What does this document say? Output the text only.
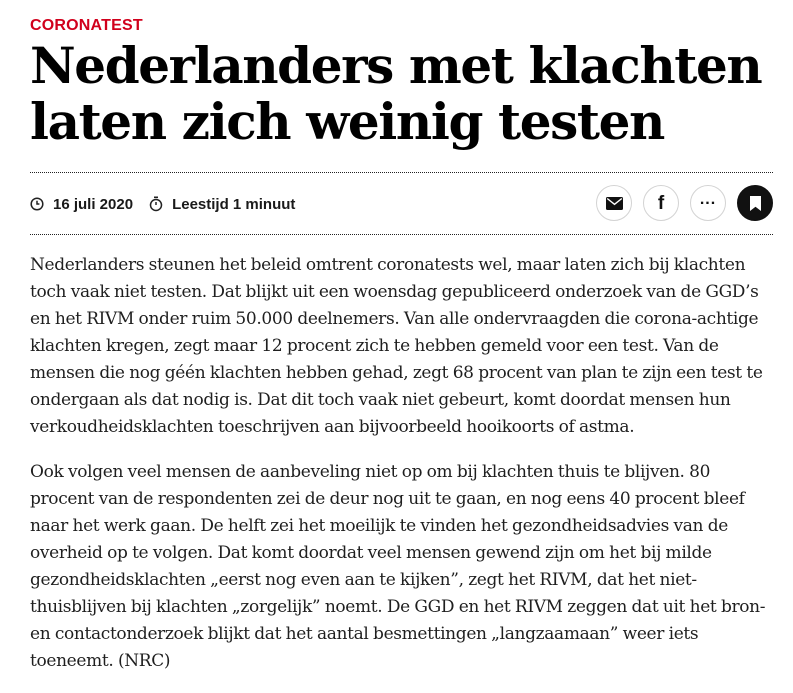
CORONATEST
Nederlanders met klachten laten zich weinig testen
16 juli 2020	Leestijd 1 minuut	f ...

Nederlanders steunen het beleid omtrent coronatests wel, maar laten zich bij klachten toch vaak niet testen. Dat blijkt uit een woensdag gepubliceerd onderzoek van de GGD’s en het RIVM onder ruim 50.000 deelnemers. Van alle ondervraagden die corona-achtige klachten kregen, zegt maar 12 procent zich te hebben gemeld voor een test. Van de mensen die nog géén klachten hebben gehad, zegt 68 procent van plan te zijn een test te ondergaan als dat nodig is. Dat dit toch vaak niet gebeurt, komt doordat mensen hun verkoudheidsklachten toeschrijven aan bijvoorbeeld hooikoorts of astma.

Ook volgen veel mensen de aanbeveling niet op om bij klachten thuis te blijven. 80 procent van de respondenten zei de deur nog uit te gaan, en nog eens 40 procent bleef naar het werk gaan. De helft zei het moeilijk te vinden het gezondheidsadvies van de overheid op te volgen. Dat komt doordat veel mensen gewend zijn om het bij milde gezondheidsklachten „eerst nog even aan te kijken”, zegt het RIVM, dat het niet-thuisblijven bij klachten „zorgelijk” noemt. De GGD en het RIVM zeggen dat uit het bron- en contactonderzoek blijkt dat het aantal besmettingen „langzaamaan” weer iets toeneemt. (NRC)
